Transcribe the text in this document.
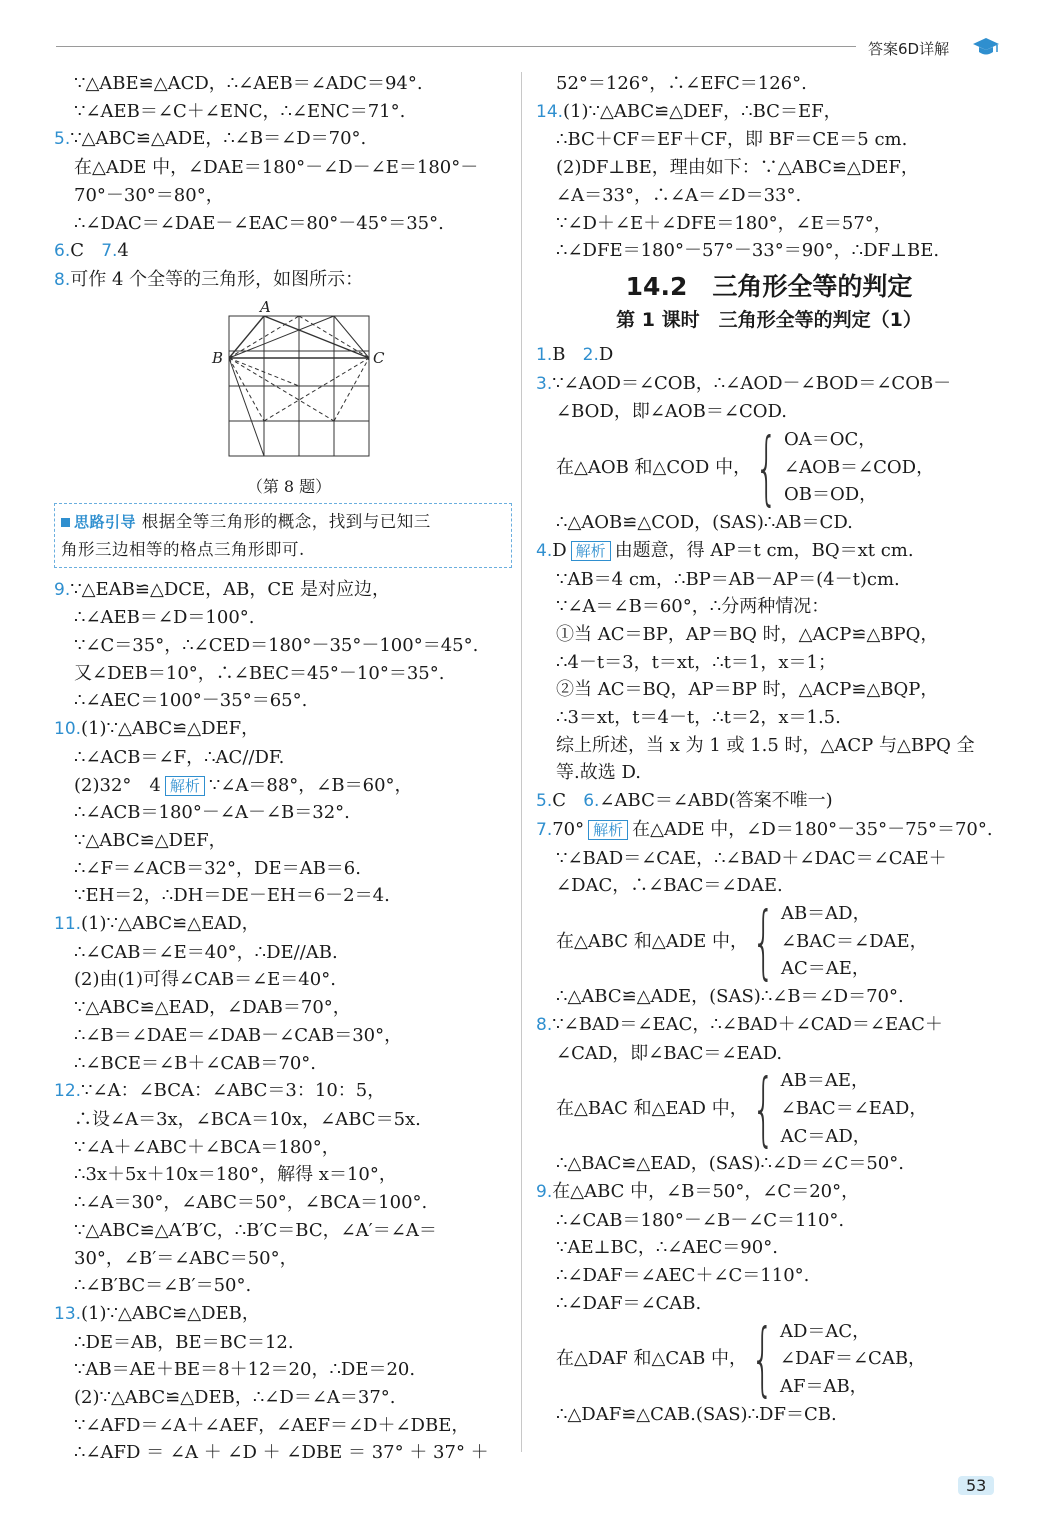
答案6D详解
∵△ABE≌△ACD，∴∠AEB＝∠ADC＝94°.
∵∠AEB＝∠C＋∠ENC，∴∠ENC＝71°.
5.∵△ABC≌△ADE，∴∠B＝∠D＝70°.
在△ADE 中，∠DAE＝180°－∠D－∠E＝180°－
70°－30°＝80°，
∴∠DAC＝∠DAE－∠EAC＝80°－45°＝35°.
6.C 7.4
8.可作 4 个全等的三角形，如图所示：
A
B	C
（第 8 题）
思路引导 根据全等三角形的概念，找到与已知三
角形三边相等的格点三角形即可.
9.∵△EAB≌△DCE，AB，CE 是对应边，
∴∠AEB＝∠D＝100°.
∵∠C＝35°，∴∠CED＝180°－35°－100°＝45°.
又∠DEB＝10°，∴∠BEC＝45°－10°＝35°.
∴∠AEC＝100°－35°＝65°.
10.(1)∵△ABC≌△DEF，
∴∠ACB＝∠F，∴AC//DF.
(2)32°　4 解析 ∵∠A＝88°，∠B＝60°，
∴∠ACB＝180°－∠A－∠B＝32°.
∵△ABC≌△DEF，
∴∠F＝∠ACB＝32°，DE＝AB＝6.
∵EH＝2，∴DH＝DE－EH＝6－2＝4.
11.(1)∵△ABC≌△EAD，
∴∠CAB＝∠E＝40°，∴DE//AB.
(2)由(1)可得∠CAB＝∠E＝40°.
∵△ABC≌△EAD，∠DAB＝70°，
∴∠B＝∠DAE＝∠DAB－∠CAB＝30°，
∴∠BCE＝∠B＋∠CAB＝70°.
12.∵∠A：∠BCA：∠ABC＝3：10：5，
∴设∠A＝3x，∠BCA＝10x，∠ABC＝5x.
∵∠A＋∠ABC＋∠BCA＝180°，
∴3x＋5x＋10x＝180°，解得 x＝10°，
∴∠A＝30°，∠ABC＝50°，∠BCA＝100°.
∵△ABC≌△A′B′C，∴B′C＝BC，∠A′＝∠A＝
30°，∠B′＝∠ABC＝50°，
∴∠B′BC＝∠B′＝50°.
13.(1)∵△ABC≌△DEB，
∴DE＝AB，BE＝BC＝12.
∵AB＝AE＋BE＝8＋12＝20，∴DE＝20.
(2)∵△ABC≌△DEB，∴∠D＝∠A＝37°.
∵∠AFD＝∠A＋∠AEF，∠AEF＝∠D＋∠DBE，
∴∠AFD ＝ ∠A ＋ ∠D ＋ ∠DBE ＝ 37° ＋ 37° ＋
52°＝126°，∴∠EFC＝126°.
14.(1)∵△ABC≌△DEF，∴BC＝EF，
∴BC＋CF＝EF＋CF，即 BF＝CE＝5 cm.
(2)DF⊥BE，理由如下：∵△ABC≌△DEF，
∠A＝33°，∴∠A＝∠D＝33°.
∵∠D＋∠E＋∠DFE＝180°，∠E＝57°，
∴∠DFE＝180°－57°－33°＝90°，∴DF⊥BE.
14.2　三角形全等的判定
第 1 课时　三角形全等的判定（1）
1.B 2.D
3.∵∠AOD＝∠COB，∴∠AOD－∠BOD＝∠COB－
∠BOD，即∠AOB＝∠COD.
在△AOB 和△COD 中， { OA＝OC，
∠AOB＝∠COD，
OB＝OD，
∴△AOB≌△COD，(SAS)∴AB＝CD.
4.D 解析 由题意，得 AP＝t cm，BQ＝xt cm.
∵AB＝4 cm，∴BP＝AB－AP＝(4－t)cm.
∵∠A＝∠B＝60°，∴分两种情况：
①当 AC＝BP，AP＝BQ 时，△ACP≌△BPQ，
∴4－t＝3，t＝xt，∴t＝1，x＝1；
②当 AC＝BQ，AP＝BP 时，△ACP≌△BQP，
∴3＝xt，t＝4－t，∴t＝2，x＝1.5.
综上所述，当 x 为 1 或 1.5 时，△ACP 与△BPQ 全
等.故选 D.
5.C 6.∠ABC＝∠ABD(答案不唯一)
7.70° 解析 在△ADE 中，∠D＝180°－35°－75°＝70°.
∵∠BAD＝∠CAE，∴∠BAD＋∠DAC＝∠CAE＋
∠DAC，∴∠BAC＝∠DAE.
在△ABC 和△ADE 中， { AB＝AD，
∠BAC＝∠DAE，
AC＝AE，
∴△ABC≌△ADE，(SAS)∴∠B＝∠D＝70°.
8.∵∠BAD＝∠EAC，∴∠BAD＋∠CAD＝∠EAC＋
∠CAD，即∠BAC＝∠EAD.
在△BAC 和△EAD 中， { AB＝AE，
∠BAC＝∠EAD，
AC＝AD，
∴△BAC≌△EAD，(SAS)∴∠D＝∠C＝50°.
9.在△ABC 中，∠B＝50°，∠C＝20°，
∴∠CAB＝180°－∠B－∠C＝110°.
∵AE⊥BC，∴∠AEC＝90°.
∴∠DAF＝∠AEC＋∠C＝110°.
∴∠DAF＝∠CAB.
在△DAF 和△CAB 中， { AD＝AC，
∠DAF＝∠CAB，
AF＝AB，
∴△DAF≌△CAB.(SAS)∴DF＝CB.
53
